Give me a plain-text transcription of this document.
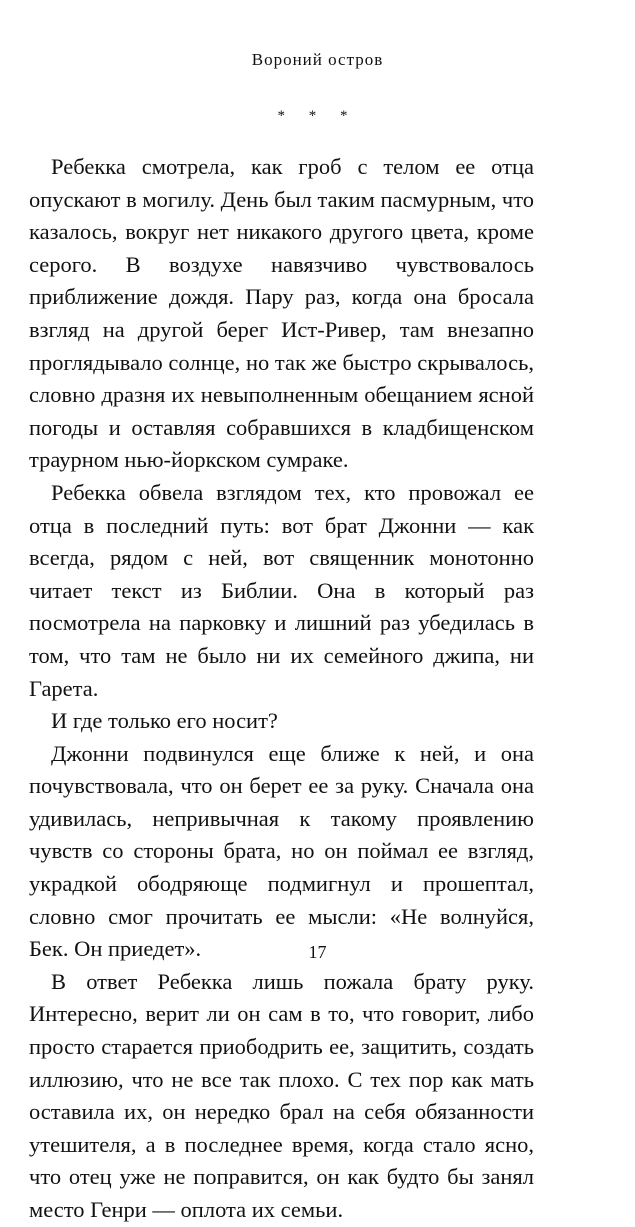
Вороний остров
* * *

Ребекка смотрела, как гроб с телом ее отца опускают в могилу. День был таким пасмурным, что казалось, вокруг нет никакого другого цвета, кроме серого. В воздухе навязчиво чувствовалось приближение дождя. Пару раз, когда она бросала взгляд на другой берег Ист-Ривер, там внезапно проглядывало солнце, но так же быстро скрывалось, словно дразня их невыполненным обещанием ясной погоды и оставляя собравшихся в кладбищенском траурном нью-йоркском сумраке.

Ребекка обвела взглядом тех, кто провожал ее отца в последний путь: вот брат Джонни — как всегда, рядом с ней, вот священник монотонно читает текст из Библии. Она в который раз посмотрела на парковку и лишний раз убедилась в том, что там не было ни их семейного джипа, ни Гарета.

И где только его носит?

Джонни подвинулся еще ближе к ней, и она почувствовала, что он берет ее за руку. Сначала она удивилась, непривычная к такому проявлению чувств со стороны брата, но он поймал ее взгляд, украдкой ободряюще подмигнул и прошептал, словно смог прочитать ее мысли: «Не волнуйся, Бек. Он приедет».

В ответ Ребекка лишь пожала брату руку. Интересно, верит ли он сам в то, что говорит, либо просто старается приободрить ее, защитить, создать иллюзию, что не все так плохо. С тех пор как мать оставила их, он нередко брал на себя обязанности утешителя, а в последнее время, когда стало ясно, что отец уже не поправится, он как будто бы занял место Генри — оплота их семьи.

17
